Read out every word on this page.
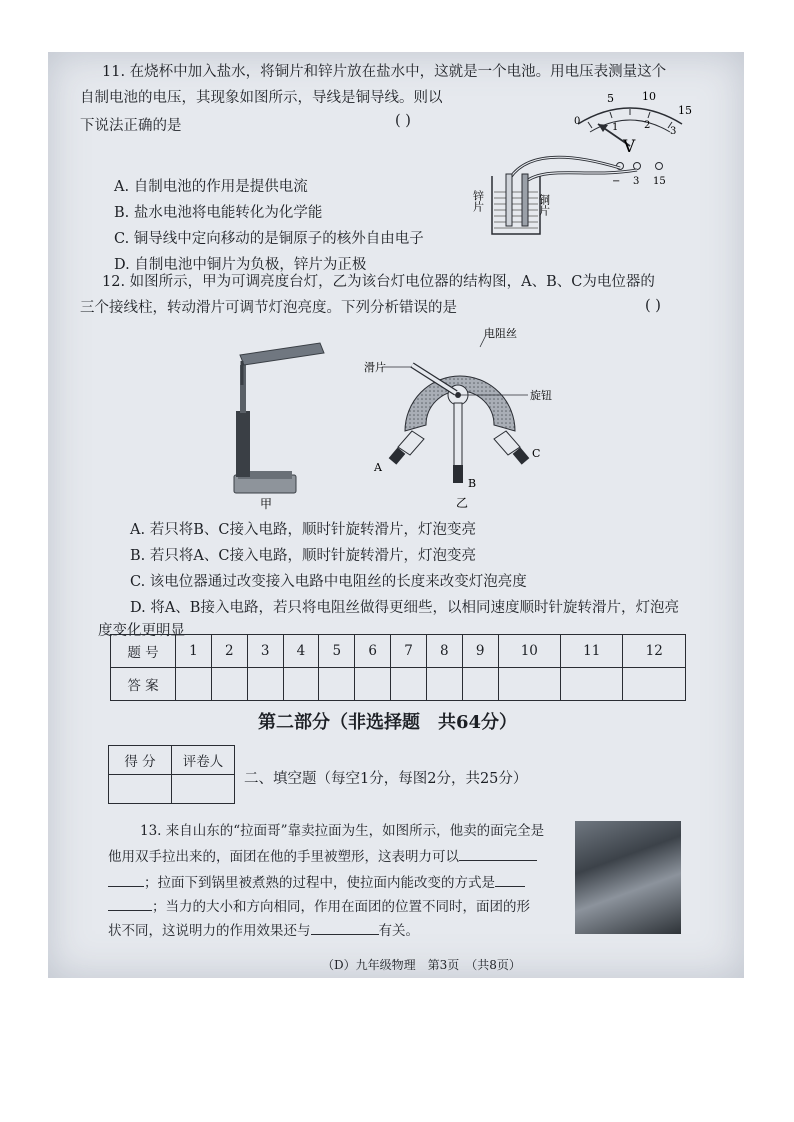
11. 在烧杯中加入盐水，将铜片和锌片放在盐水中，这就是一个电池。用电压表测量这个
自制电池的电压，其现象如图所示，导线是铜导线。则以
下说法正确的是	( )
5	10
15
0
1	2
3
V
− 3 15
锌片	铜片
A. 自制电池的作用是提供电流
B. 盐水电池将电能转化为化学能
C. 铜导线中定向移动的是铜原子的核外自由电子
D. 自制电池中铜片为负极，锌片为正极
12. 如图所示，甲为可调亮度台灯，乙为该台灯电位器的结构图，A、B、C为电位器的
三个接线柱，转动滑片可调节灯泡亮度。下列分析错误的是	( )
甲
电阻丝
滑片
旋钮
A
B
C
乙
A. 若只将B、C接入电路，顺时针旋转滑片，灯泡变亮
B. 若只将A、C接入电路，顺时针旋转滑片，灯泡变亮
C. 该电位器通过改变接入电路中电阻丝的长度来改变灯泡亮度
D. 将A、B接入电路，若只将电阻丝做得更细些，以相同速度顺时针旋转滑片，灯泡亮
度变化更明显
题 号	1	2	3	4	5	6	7	8	9	10	11	12
答 案												
第二部分（非选择题　共64分）
得 分	评卷人

二、填空题（每空1分，每图2分，共25分）
13. 来自山东的“拉面哥”靠卖拉面为生，如图所示，他卖的面完全是
他用双手拉出来的，面团在他的手里被塑形，这表明力可以
；拉面下到锅里被煮熟的过程中，使拉面内能改变的方式是
；当力的大小和方向相同，作用在面团的位置不同时，面团的形
状不同，这说明力的作用效果还与	有关。
（D）九年级物理　第3页　（共8页）
